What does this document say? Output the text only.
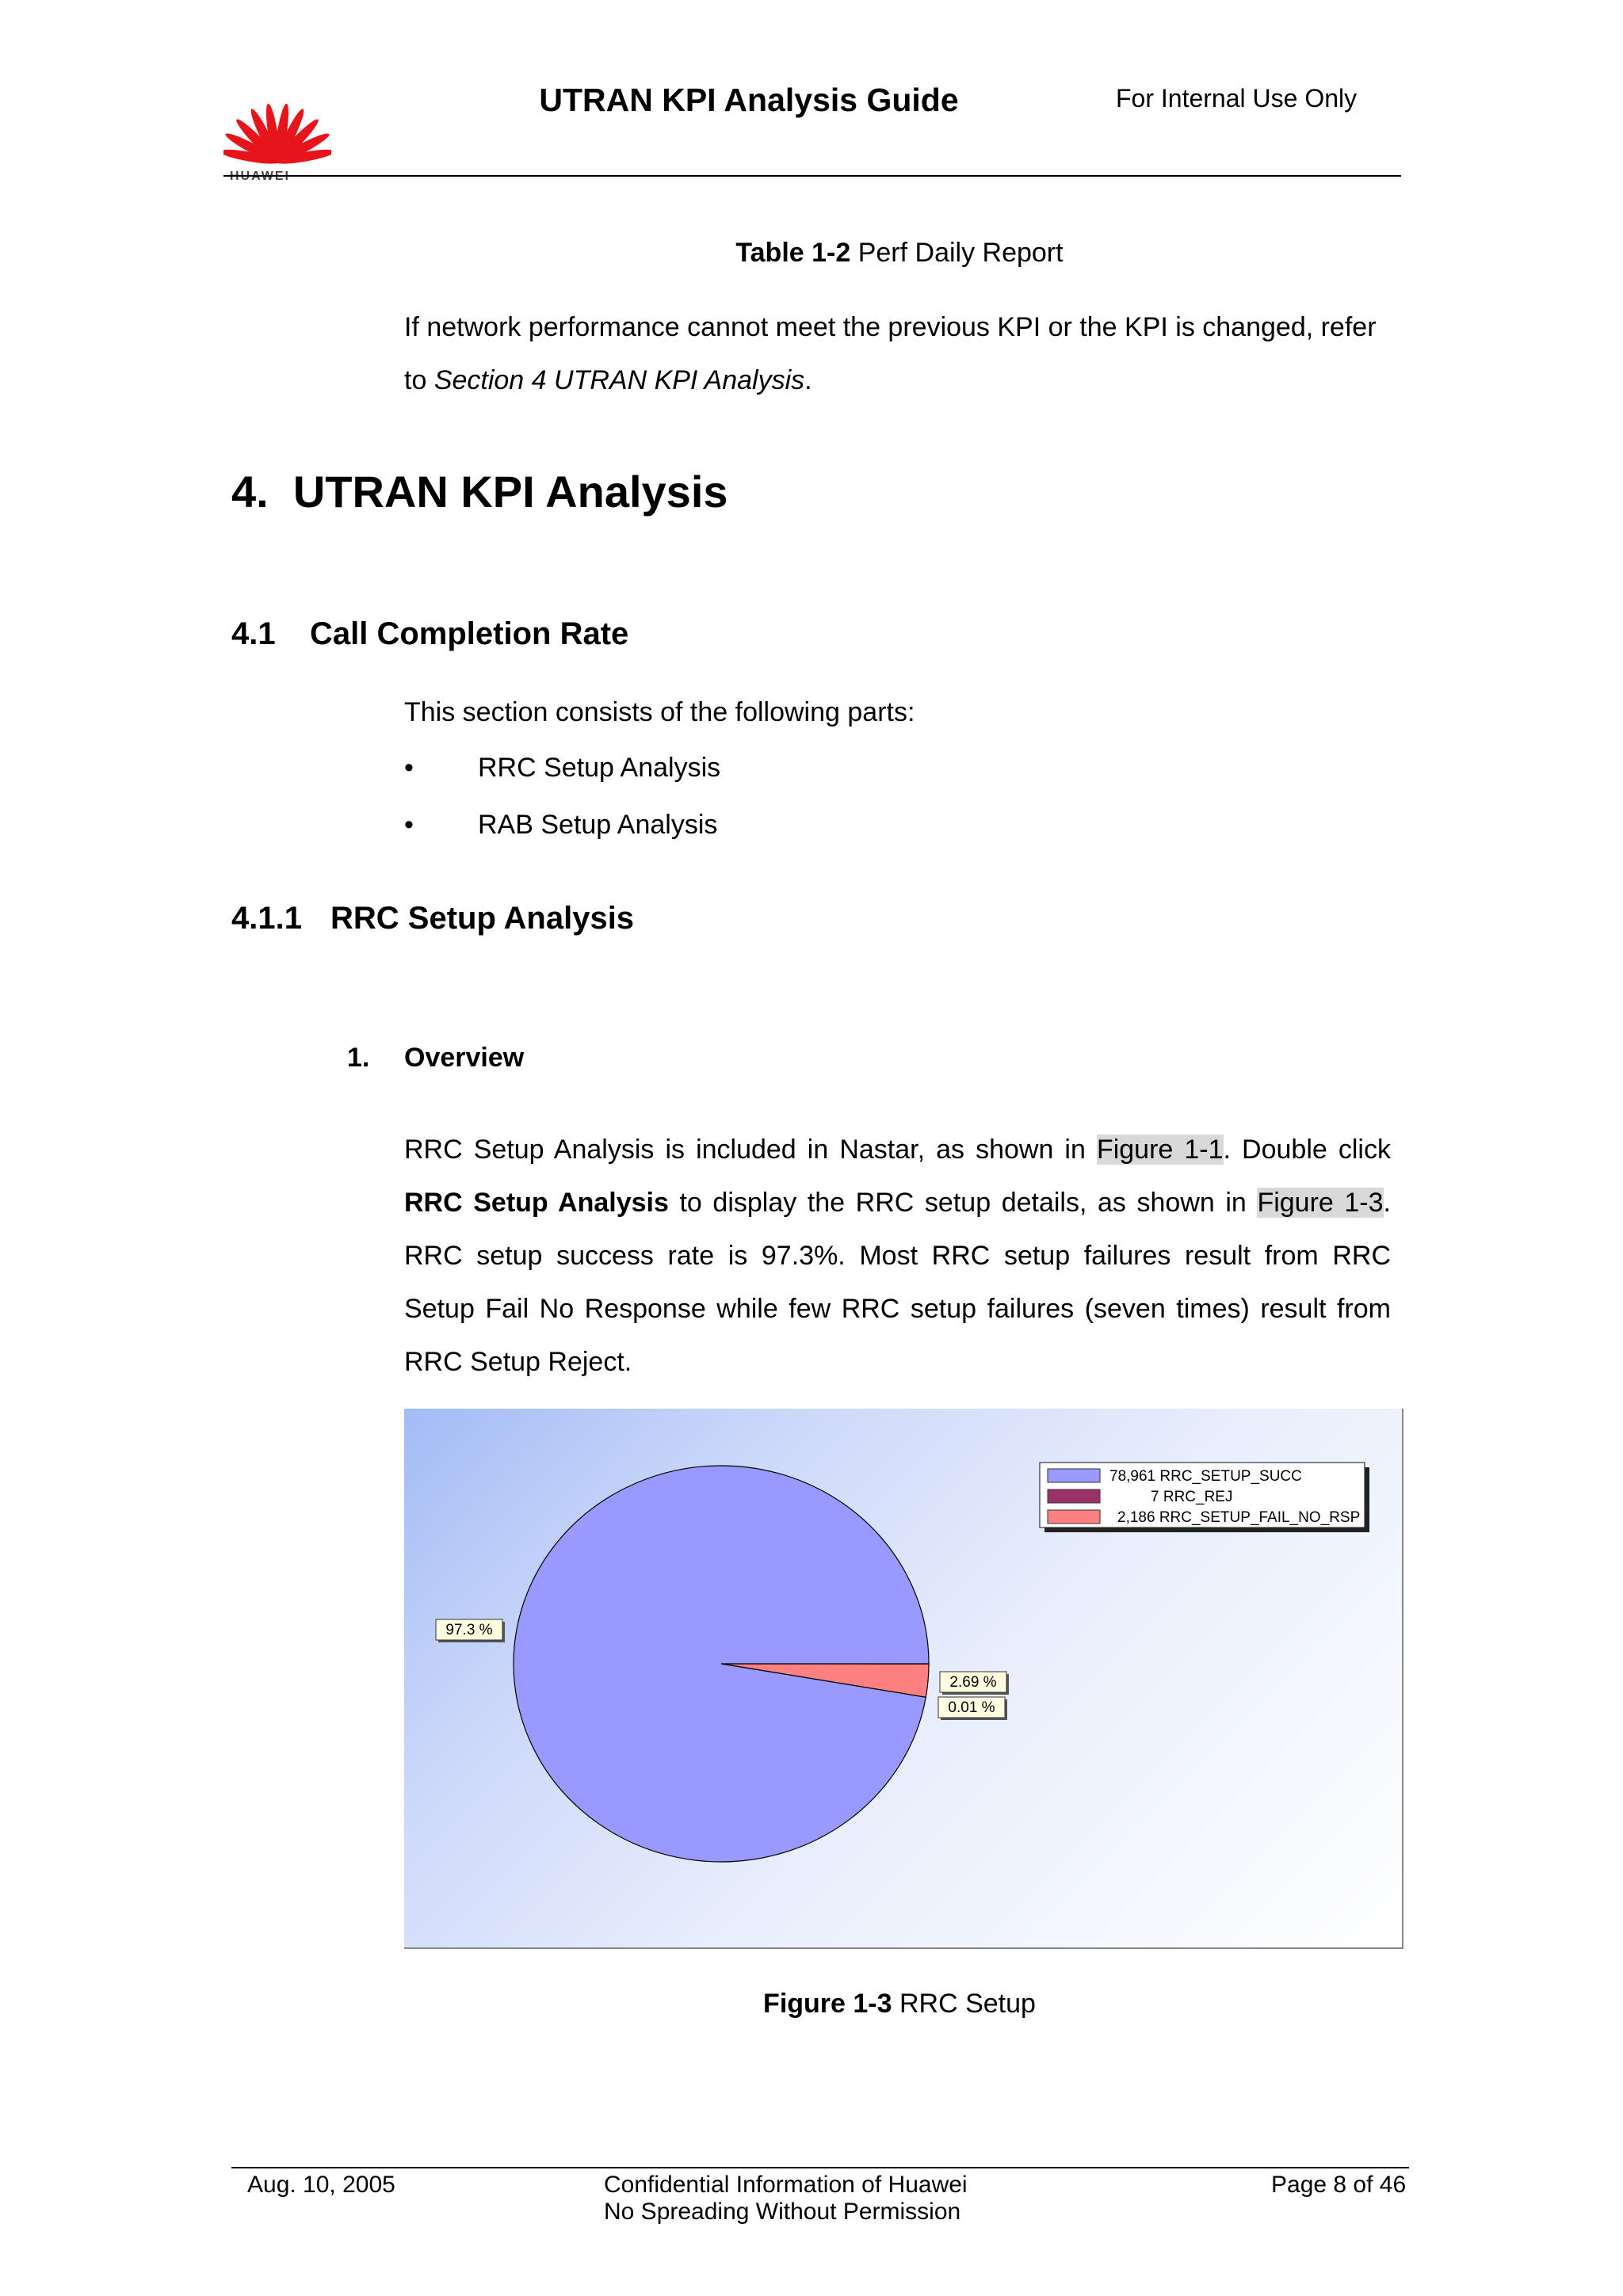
UTRAN KPI Analysis Guide	For Internal Use Only
Table 1-2 Perf Daily Report
If network performance cannot meet the previous KPI or the KPI is changed, refer to Section 4 UTRAN KPI Analysis.
4.  UTRAN KPI Analysis
4.1 Call Completion Rate
This section consists of the following parts:
• RRC Setup Analysis
• RAB Setup Analysis
4.1.1 RRC Setup Analysis
1. Overview
RRC Setup Analysis is included in Nastar, as shown in Figure 1-1. Double click RRC Setup Analysis to display the RRC setup details, as shown in Figure 1-3. RRC setup success rate is 97.3%. Most RRC setup failures result from RRC Setup Fail No Response while few RRC setup failures (seven times) result from RRC Setup Reject.
97.3 %
2.69 %
0.01 %
78,961 RRC_SETUP_SUCC
7 RRC_REJ
2,186 RRC_SETUP_FAIL_NO_RSP
Figure 1-3 RRC Setup
Aug. 10, 2005	Confidential Information of Huawei
No Spreading Without Permission
Page 8 of 46
